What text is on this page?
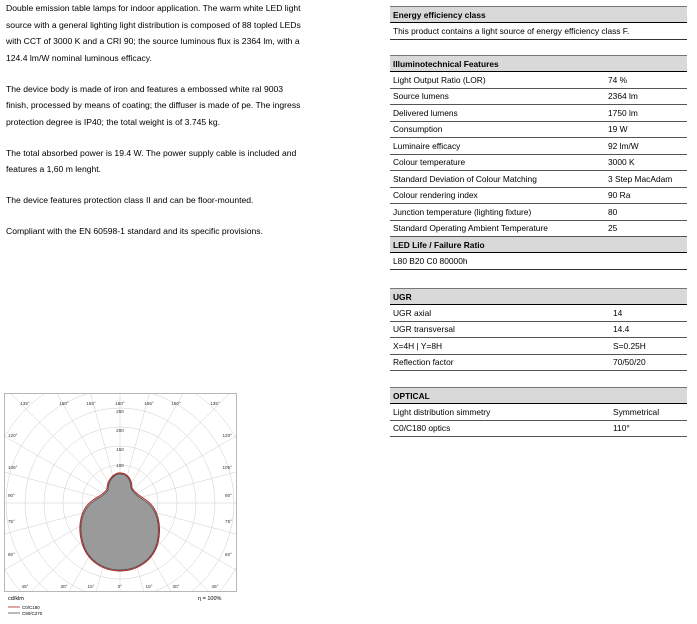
Double emission table lamps for indoor application. The warm white LED light source with a general lighting light distribution is composed of 88 topled LEDs with CCT of 3000 K and a CRI 90; the source luminous flux is 2364 lm, with a 124.4 lm/W nominal luminous efficacy.

The device body is made of iron and features a embossed white ral 9003 finish, processed by means of coating; the diffuser is made of pe. The ingress protection degree is IP40; the total weight is of 3.745 kg.

The total absorbed power is 19.4 W. The power supply cable is included and features a 1,60 m lenght.

The device features protection class II and can be floor-mounted.

Compliant with the EN 60598-1 standard and its specific provisions.

Energy efficiency class
This product contains a light source of energy efficiency class F.
Illuminotechnical Features	
Light Output Ratio (LOR)	74 %
Source lumens	2364 lm
Delivered lumens	1750 lm
Consumption	19 W
Luminaire efficacy	92 lm/W
Colour temperature	3000 K
Standard Deviation of Colour Matching	3 Step MacAdam
Colour rendering index	90 Ra
Junction temperature (lighting fixture)	80
Standard Operating Ambient Temperature	25
LED Life / Failure Ratio	
L80 B20 C0 80000h	
UGR	
UGR axial	14
UGR transversal	14.4
X=4H | Y=8H	S=0.25H
Reflection factor	70/50/20
OPTICAL	
Light distribution simmetry	Symmetrical
C0/C180 optics	110°
135°	150°	165°	180°	165°	150°	135°
120°
105°
90°
75°
60°
120°
105°
90°
75°
60°
45°	30°	15°	0°	15°	30°	45°
250
200
150
100
cd/klm	η = 100%
C0/C180
C90/C270
